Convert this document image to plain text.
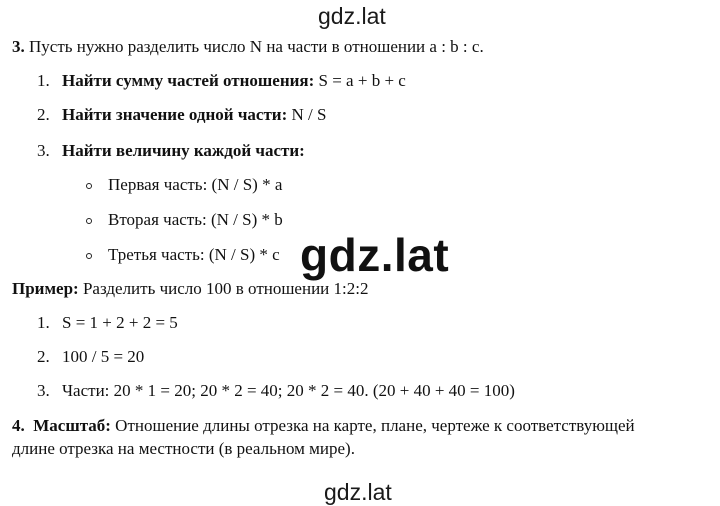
gdz.lat
3. Пусть нужно разделить число N на части в отношении a : b : c.
1. Найти сумму частей отношения: S = a + b + c
2. Найти значение одной части: N / S
3. Найти величину каждой части:
Первая часть: (N / S) * a
Вторая часть: (N / S) * b
Третья часть: (N / S) * c gdz.lat
Пример: Разделить число 100 в отношении 1:2:2
1. S = 1 + 2 + 2 = 5
2. 100 / 5 = 20
3. Части: 20 * 1 = 20; 20 * 2 = 40; 20 * 2 = 40. (20 + 40 + 40 = 100)
4. Масштаб: Отношение длины отрезка на карте, плане, чертеже к соответствующей
длине отрезка на местности (в реальном мире).
gdz.lat
